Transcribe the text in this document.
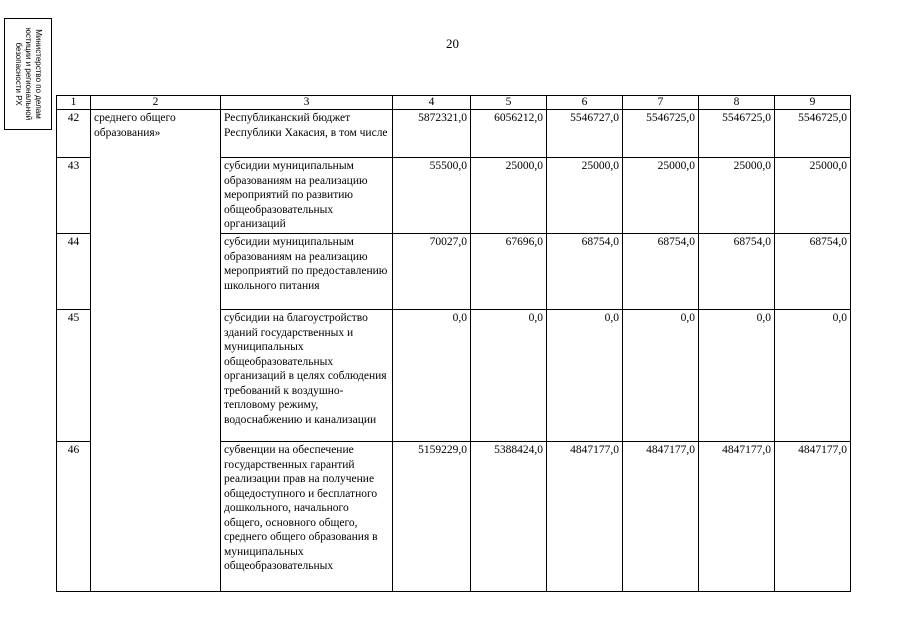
Министерство по делам
юстиции и региональной
безопасности РХ	20
1	2	3	4	5	6	7	8	9
42	среднего общего образования»	Республиканский бюджет Республики Хакасия, в том числе	5872321,0	6056212,0	5546727,0	5546725,0	5546725,0	5546725,0
43		субсидии муниципальным образованиям на реализацию мероприятий по развитию общеобразовательных организаций	55500,0	25000,0	25000,0	25000,0	25000,0	25000,0
44		субсидии муниципальным образованиям на реализацию мероприятий по предоставлению школьного питания	70027,0	67696,0	68754,0	68754,0	68754,0	68754,0
45		субсидии на благоустройство зданий государственных и муниципальных общеобразовательных организаций в целях соблюдения требований к воздушно-тепловому режиму, водоснабжению и канализации	0,0	0,0	0,0	0,0	0,0	0,0
46		субвенции на обеспечение государственных гарантий реализации прав на получение общедоступного и бесплатного дошкольного, начального общего, основного общего, среднего общего образования в муниципальных общеобразовательных	5159229,0	5388424,0	4847177,0	4847177,0	4847177,0	4847177,0
